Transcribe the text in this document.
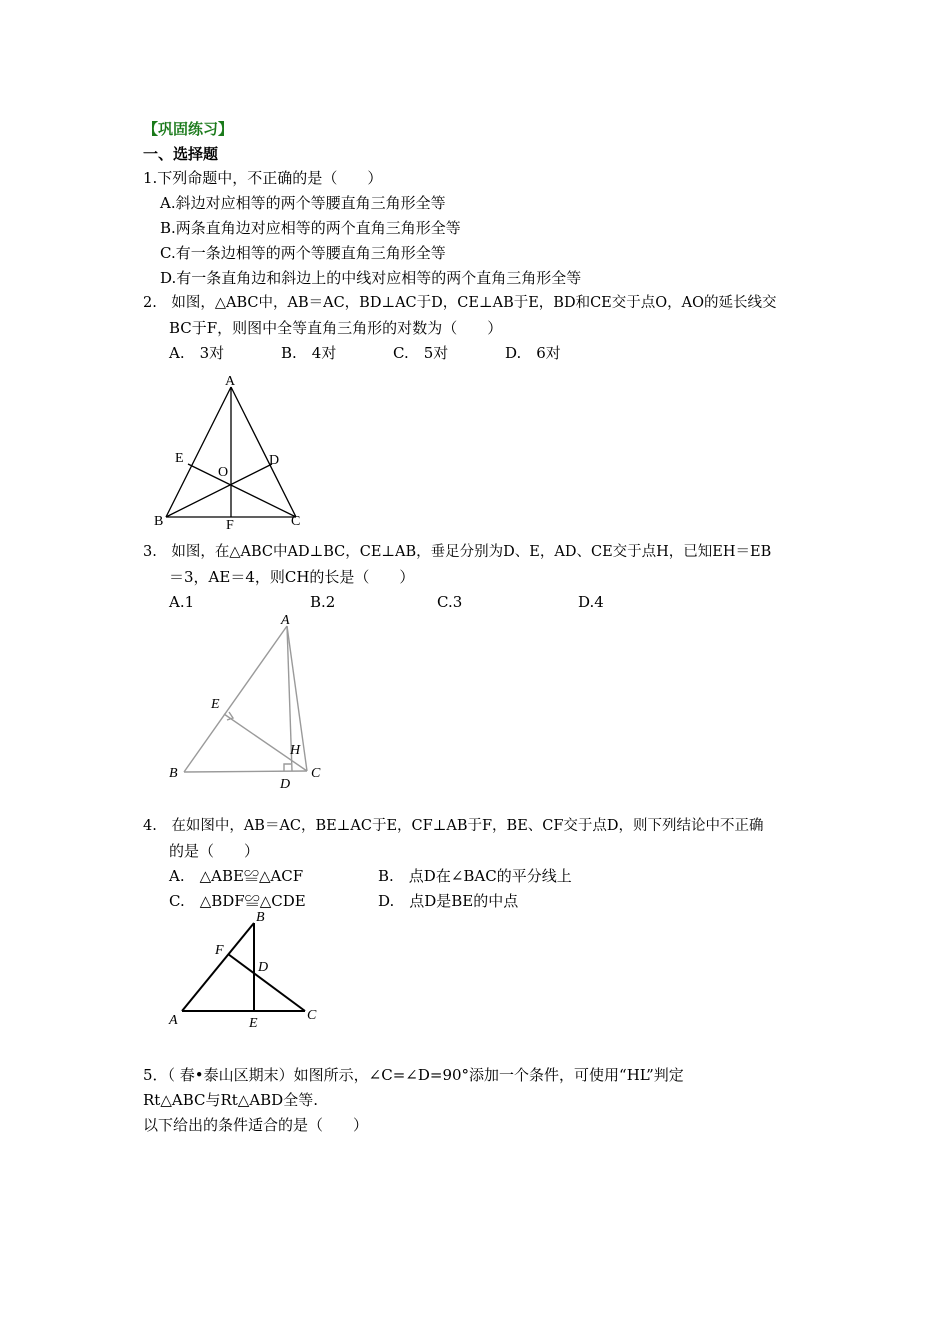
【巩固练习】
一、选择题
1.下列命题中，不正确的是（　　）
A.斜边对应相等的两个等腰直角三角形全等
B.两条直角边对应相等的两个直角三角形全等
C.有一条边相等的两个等腰直角三角形全等
D.有一条直角边和斜边上的中线对应相等的两个直角三角形全等
2.　如图，△ABC中，AB＝AC，BD⊥AC于D，CE⊥AB于E，BD和CE交于点O，AO的延长线交
BC于F，则图中全等直角三角形的对数为（　　）
A.　3对	B.　4对	C.　5对	D.　6对
A
B	C
D
E
F
O
3.　如图，在△ABC中AD⊥BC，CE⊥AB，垂足分别为D、E，AD、CE交于点H，已知EH＝EB
＝3，AE＝4，则CH的长是（　　）
A.1	B.2	C.3	D.4
A
B	C
D
E
H
4.　在如图中，AB＝AC，BE⊥AC于E，CF⊥AB于F，BE、CF交于点D，则下列结论中不正确
的是（　　）
A.　△ABE≌△ACF	B.　点D在∠BAC的平分线上
C.　△BDF≌△CDE	D.　点D是BE的中点
A
B
C
D
E
F
5．（ 春•泰山区期末）如图所示，∠C=∠D=90°添加一个条件，可使用“HL”判定
Rt△ABC与Rt△ABD全等.
以下给出的条件适合的是（　　）
